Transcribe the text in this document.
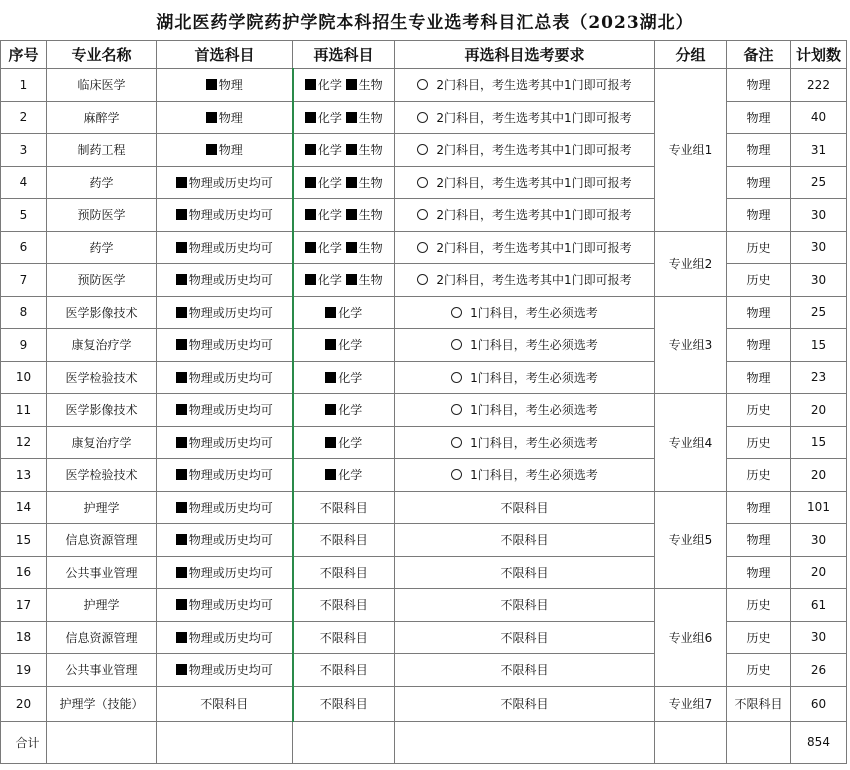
湖北医药学院药护学院本科招生专业选考科目汇总表（2023湖北）
序号	专业名称	首选科目	再选科目	再选科目选考要求	分组	备注	计划数
1	临床医学	物理	化学 生物	2门科目，考生选考其中1门即可报考	专业组1	物理	222
2	麻醉学	物理	化学 生物	2门科目，考生选考其中1门即可报考		物理	40
3	制药工程	物理	化学 生物	2门科目，考生选考其中1门即可报考		物理	31
4	药学	物理或历史均可	化学 生物	2门科目，考生选考其中1门即可报考		物理	25
5	预防医学	物理或历史均可	化学 生物	2门科目，考生选考其中1门即可报考		物理	30
6	药学	物理或历史均可	化学 生物	2门科目，考生选考其中1门即可报考	专业组2	历史	30
7	预防医学	物理或历史均可	化学 生物	2门科目，考生选考其中1门即可报考		历史	30
8	医学影像技术	物理或历史均可	化学	1门科目，考生必须选考	专业组3	物理	25
9	康复治疗学	物理或历史均可	化学	1门科目，考生必须选考		物理	15
10	医学检验技术	物理或历史均可	化学	1门科目，考生必须选考		物理	23
11	医学影像技术	物理或历史均可	化学	1门科目，考生必须选考	专业组4	历史	20
12	康复治疗学	物理或历史均可	化学	1门科目，考生必须选考		历史	15
13	医学检验技术	物理或历史均可	化学	1门科目，考生必须选考		历史	20
14	护理学	物理或历史均可	不限科目	不限科目	专业组5	物理	101
15	信息资源管理	物理或历史均可	不限科目	不限科目		物理	30
16	公共事业管理	物理或历史均可	不限科目	不限科目		物理	20
17	护理学	物理或历史均可	不限科目	不限科目	专业组6	历史	61
18	信息资源管理	物理或历史均可	不限科目	不限科目		历史	30
19	公共事业管理	物理或历史均可	不限科目	不限科目		历史	26
20	护理学（技能）	不限科目	不限科目	不限科目	专业组7	不限科目	60
合计							854
